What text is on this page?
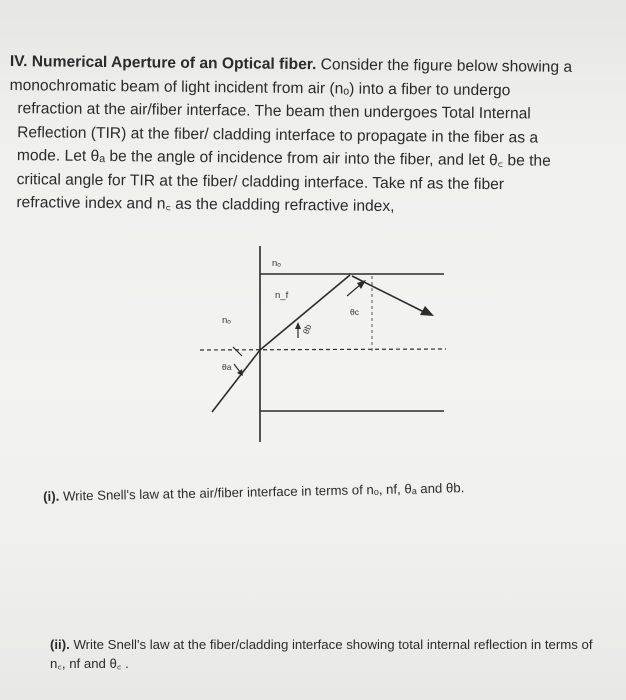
IV. Numerical Aperture of an Optical fiber. Consider the figure below showing a
monochromatic beam of light incident from air (nₒ) into a fiber to undergo

refraction at the air/fiber interface. The beam then undergoes Total Internal
Reflection (TIR) at the fiber/ cladding interface to propagate in the fiber as a
mode. Let θₐ be the angle of incidence from air into the fiber, and let θ꜀ be the
critical angle for TIR at the fiber/ cladding interface. Take nf as the fiber
refractive index and n꜀ as the cladding refractive index,
nₒ
n_f
nₒ
θc
θb
θa
(i). Write Snell's law at the air/fiber interface in terms of nₒ, nf, θₐ and θb.
(ii). Write Snell's law at the fiber/cladding interface showing total internal reflection in terms of n꜀, nf and θ꜀ .
